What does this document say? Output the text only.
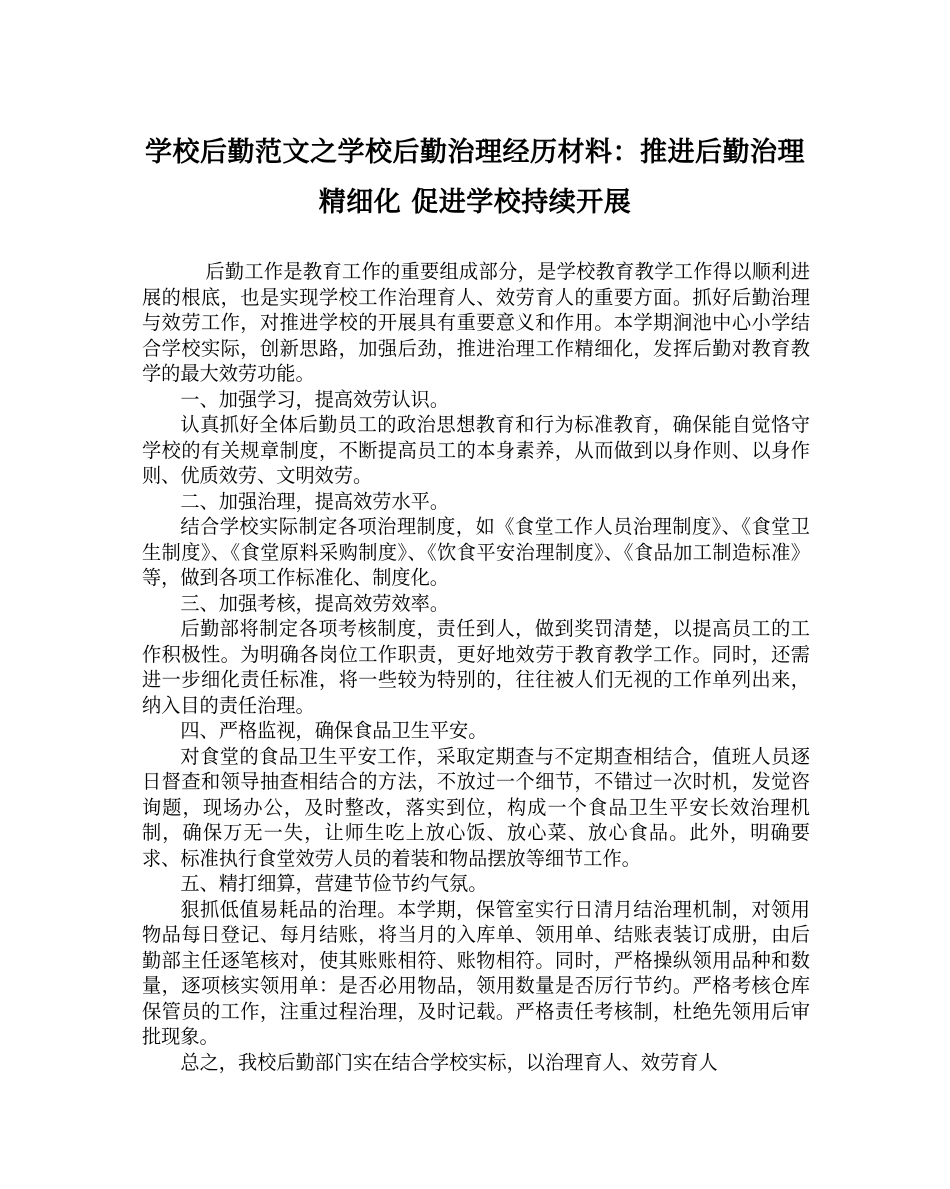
学校后勤范文之学校后勤治理经历材料：推进后勤治理
精细化 促进学校持续开展

后勤工作是教育工作的重要组成部分，是学校教育教学工作得以顺利进展的根底，也是实现学校工作治理育人、效劳育人的重要方面。抓好后勤治理与效劳工作，对推进学校的开展具有重要意义和作用。本学期涧池中心小学结合学校实际，创新思路，加强后劲，推进治理工作精细化，发挥后勤对教育教学的最大效劳功能。

一、加强学习，提高效劳认识。

认真抓好全体后勤员工的政治思想教育和行为标准教育，确保能自觉恪守学校的有关规章制度，不断提高员工的本身素养，从而做到以身作则、以身作则、优质效劳、文明效劳。

二、加强治理，提高效劳水平。

结合学校实际制定各项治理制度，如《食堂工作人员治理制度》、《食堂卫生制度》、《食堂原料采购制度》、《饮食平安治理制度》、《食品加工制造标准》等，做到各项工作标准化、制度化。

三、加强考核，提高效劳效率。

后勤部将制定各项考核制度，责任到人，做到奖罚清楚，以提高员工的工作积极性。为明确各岗位工作职责，更好地效劳于教育教学工作。同时，还需进一步细化责任标准，将一些较为特别的，往往被人们无视的工作单列出来，纳入目的责任治理。

四、严格监视，确保食品卫生平安。

对食堂的食品卫生平安工作，采取定期查与不定期查相结合，值班人员逐日督查和领导抽查相结合的方法，不放过一个细节，不错过一次时机，发觉咨询题，现场办公，及时整改，落实到位，构成一个食品卫生平安长效治理机制，确保万无一失，让师生吃上放心饭、放心菜、放心食品。此外，明确要求、标准执行食堂效劳人员的着装和物品摆放等细节工作。

五、精打细算，营建节俭节约气氛。

狠抓低值易耗品的治理。本学期，保管室实行日清月结治理机制，对领用物品每日登记、每月结账，将当月的入库单、领用单、结账表装订成册，由后勤部主任逐笔核对，使其账账相符、账物相符。同时，严格操纵领用品种和数量，逐项核实领用单：是否必用物品，领用数量是否厉行节约。严格考核仓库保管员的工作，注重过程治理，及时记载。严格责任考核制，杜绝先领用后审批现象。

总之，我校后勤部门实在结合学校实标，以治理育人、效劳育人
